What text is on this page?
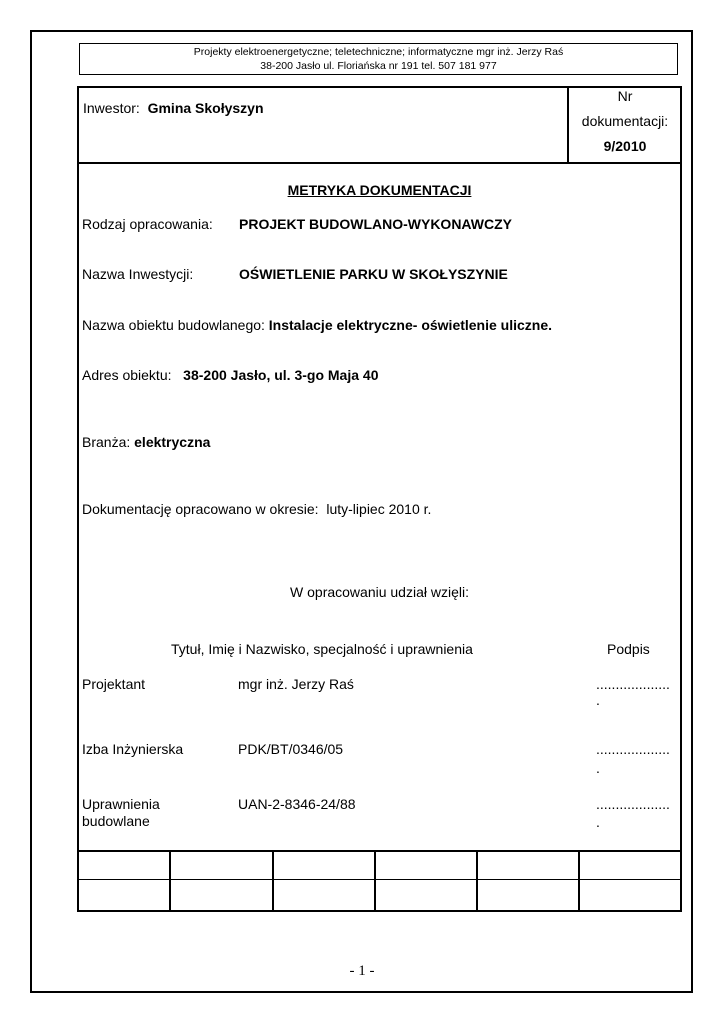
Projekty elektroenergetyczne; teletechniczne; informatyczne mgr inż. Jerzy Raś
38-200 Jasło ul. Floriańska nr 191 tel. 507 181 977
Inwestor: Gmina Skołyszyn
Nr
dokumentacji:
9/2010
METRYKA DOKUMENTACJI
Rodzaj opracowania: PROJEKT BUDOWLANO-WYKONAWCZY
Nazwa Inwestycji:	OŚWIETLENIE PARKU W SKOŁYSZYNIE
Nazwa obiektu budowlanego: Instalacje elektryczne- oświetlenie uliczne.
Adres obiektu: 38-200 Jasło, ul. 3-go Maja 40
Branża: elektryczna
Dokumentację opracowano w okresie: luty-lipiec 2010 r.
W opracowaniu udział wzięli:
Tytuł, Imię i Nazwisko, specjalność i uprawnienia	Podpis
Projektant	mgr inż. Jerzy Raś	...................
.
Izba Inżynierska	PDK/BT/0346/05	...................
.
Uprawnienia
budowlane
UAN-2-8346-24/88	...................
.
- 1 -
